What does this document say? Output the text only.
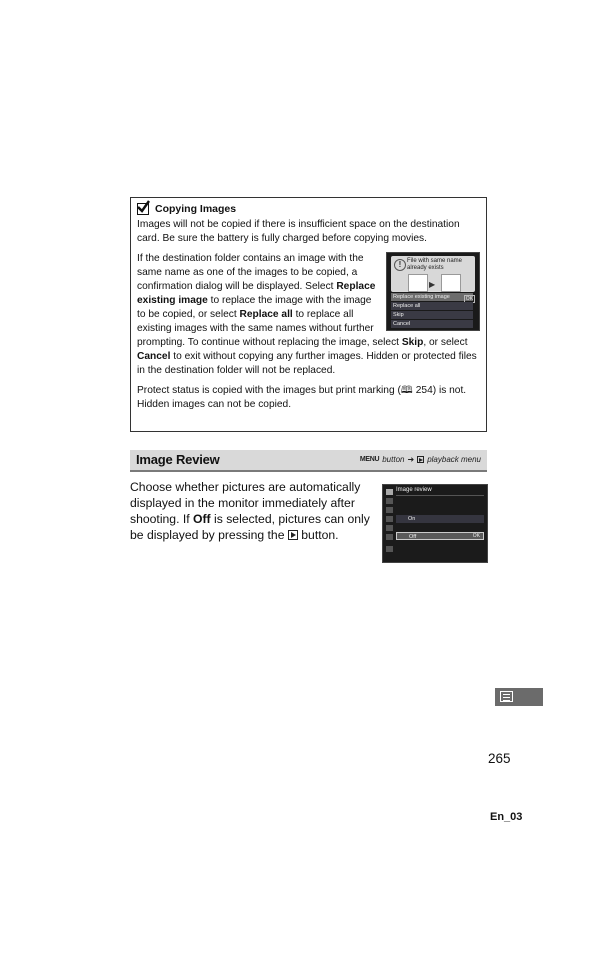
Copying Images

Images will not be copied if there is insufficient space on the destination card. Be sure the battery is fully charged before copying movies.

! File with same name already exists
▶
Replace existing image	OK
Replace all
Skip
Cancel

If the destination folder contains an image with the same name as one of the images to be copied, a confirmation dialog will be displayed. Select Replace existing image to replace the image with the image to be copied, or select Replace all to replace all existing images with the same names without further prompting. To continue without replacing the image, select Skip, or select Cancel to exit without copying any further images. Hidden or protected files in the destination folder will not be replaced.

Protect status is copied with the images but print marking (🕮 254) is not. Hidden images can not be copied.

Image Review	MENU button ➜ playback menu

Choose whether pictures are automatically displayed in the monitor immediately after shooting. If Off is selected, pictures can only be displayed by pressing the  button.

Image review
On
Off	OK
265
En_03
